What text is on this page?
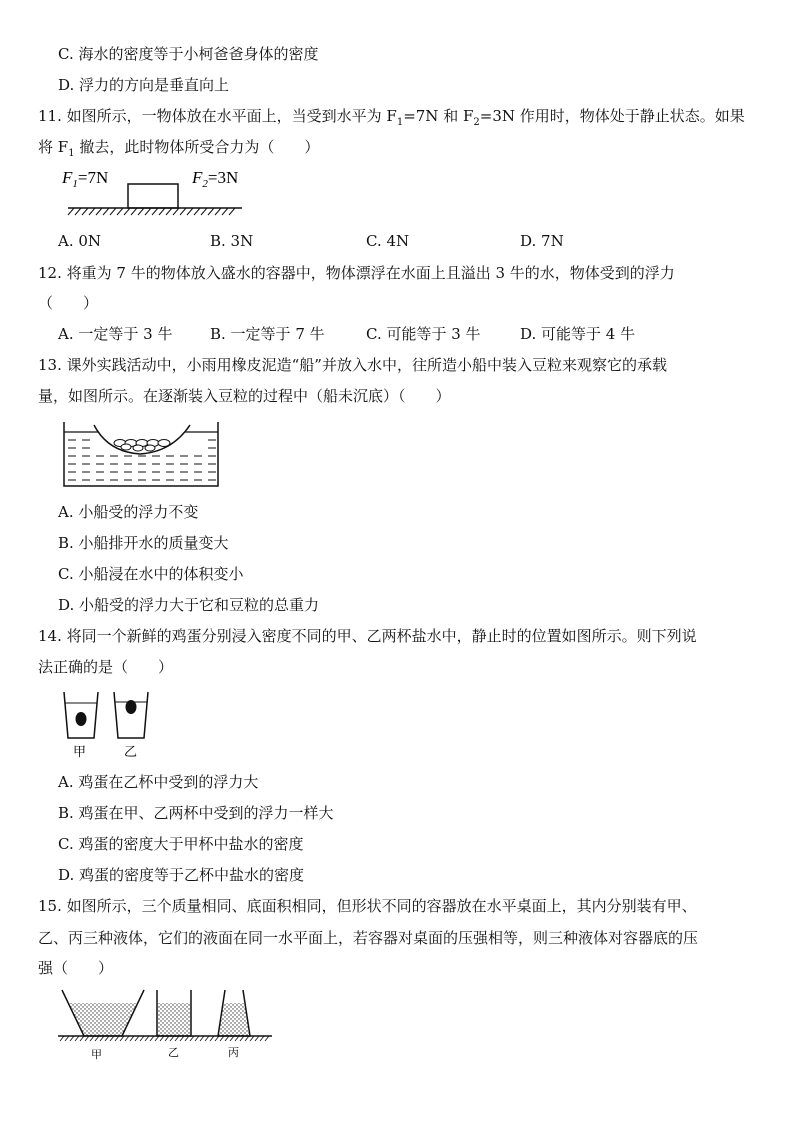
C. 海水的密度等于小柯爸爸身体的密度
D. 浮力的方向是垂直向上
11. 如图所示，一物体放在水平面上，当受到水平为 $F_1=7N$ 和 $F_2=3N$ 作用时，物体处于静止状态。如果
将 $F_1$ 撤去，此时物体所受合力为（　　）
$F_1=7N$	$F_2=3N$
A. 0N	B. 3N	C. 4N	D. 7N
12. 将重为 7 牛的物体放入盛水的容器中，物体漂浮在水面上且溢出 3 牛的水，物体受到的浮力
（　　）
A. 一定等于 3 牛	B. 一定等于 7 牛	C. 可能等于 3 牛	D. 可能等于 4 牛
13. 课外实践活动中，小雨用橡皮泥造“船”并放入水中，往所造小船中装入豆粒来观察它的承载
量，如图所示。在逐渐装入豆粒的过程中（船未沉底）（　　）
A. 小船受的浮力不变
B. 小船排开水的质量变大
C. 小船浸在水中的体积变小
D. 小船受的浮力大于它和豆粒的总重力
14. 将同一个新鲜的鸡蛋分别浸入密度不同的甲、乙两杯盐水中，静止时的位置如图所示。则下列说
法正确的是（　　）
甲	乙
A. 鸡蛋在乙杯中受到的浮力大
B. 鸡蛋在甲、乙两杯中受到的浮力一样大
C. 鸡蛋的密度大于甲杯中盐水的密度
D. 鸡蛋的密度等于乙杯中盐水的密度
15. 如图所示，三个质量相同、底面积相同，但形状不同的容器放在水平桌面上，其内分别装有甲、
乙、丙三种液体，它们的液面在同一水平面上，若容器对桌面的压强相等，则三种液体对容器底的压
强（　　）
甲	乙	丙
